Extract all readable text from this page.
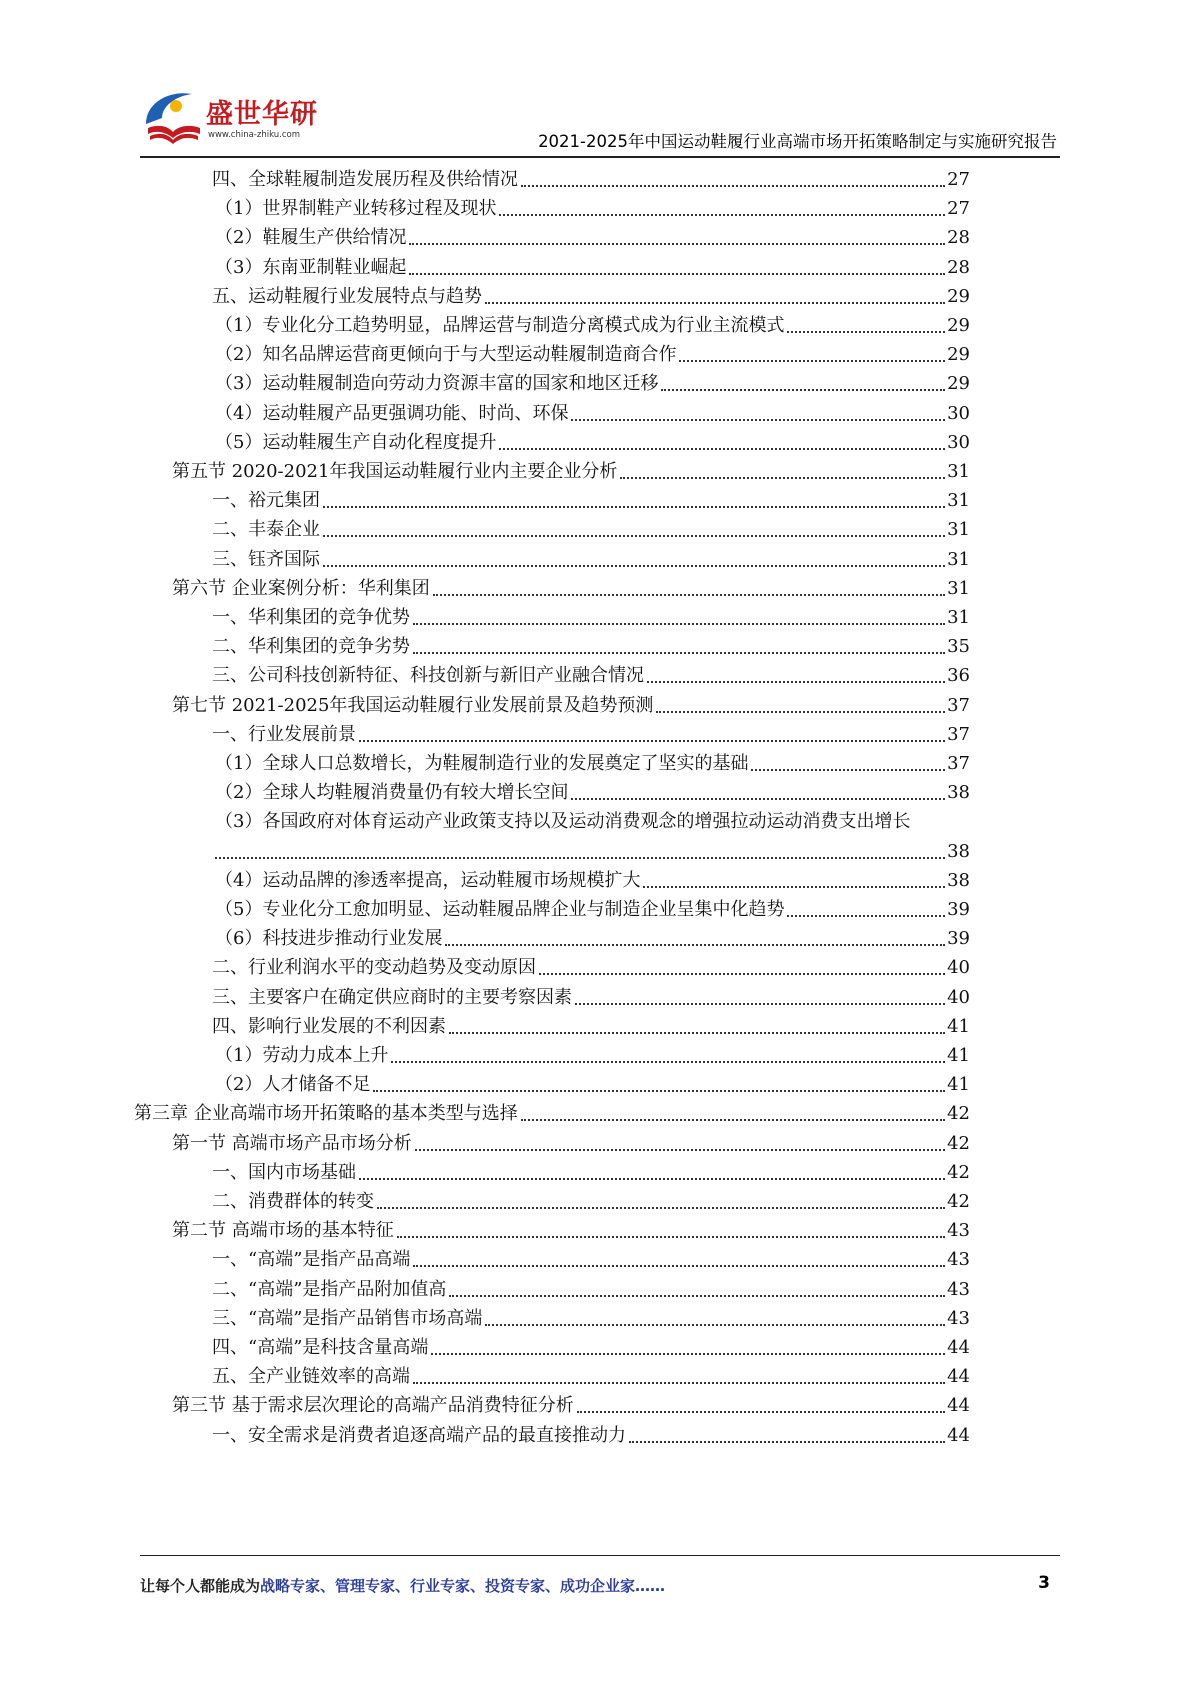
盛世华研
www.china-zhiku.com	2021-2025年中国运动鞋履行业高端市场开拓策略制定与实施研究报告
四、全球鞋履制造发展历程及供给情况	27
（1）世界制鞋产业转移过程及现状	27
（2）鞋履生产供给情况	28
（3）东南亚制鞋业崛起	28
五、运动鞋履行业发展特点与趋势	29
（1）专业化分工趋势明显，品牌运营与制造分离模式成为行业主流模式	29
（2）知名品牌运营商更倾向于与大型运动鞋履制造商合作	29
（3）运动鞋履制造向劳动力资源丰富的国家和地区迁移	29
（4）运动鞋履产品更强调功能、时尚、环保	30
（5）运动鞋履生产自动化程度提升	30
第五节 2020-2021年我国运动鞋履行业内主要企业分析	31
一、裕元集团	31
二、丰泰企业	31
三、钰齐国际	31
第六节 企业案例分析：华利集团	31
一、华利集团的竞争优势	31
二、华利集团的竞争劣势	35
三、公司科技创新特征、科技创新与新旧产业融合情况	36
第七节 2021-2025年我国运动鞋履行业发展前景及趋势预测	37
一、行业发展前景	37
（1）全球人口总数增长，为鞋履制造行业的发展奠定了坚实的基础	37
（2）全球人均鞋履消费量仍有较大增长空间	38
（3）各国政府对体育运动产业政策支持以及运动消费观念的增强拉动运动消费支出增长
38
（4）运动品牌的渗透率提高，运动鞋履市场规模扩大	38
（5）专业化分工愈加明显、运动鞋履品牌企业与制造企业呈集中化趋势	39
（6）科技进步推动行业发展	39
二、行业利润水平的变动趋势及变动原因	40
三、主要客户在确定供应商时的主要考察因素	40
四、影响行业发展的不利因素	41
（1）劳动力成本上升	41
（2）人才储备不足	41
第三章 企业高端市场开拓策略的基本类型与选择	42
第一节 高端市场产品市场分析	42
一、国内市场基础	42
二、消费群体的转变	42
第二节 高端市场的基本特征	43
一、“高端”是指产品高端	43
二、“高端”是指产品附加值高	43
三、“高端”是指产品销售市场高端	43
四、“高端”是科技含量高端	44
五、全产业链效率的高端	44
第三节 基于需求层次理论的高端产品消费特征分析	44
一、安全需求是消费者追逐高端产品的最直接推动力	44
让每个人都能成为战略专家、管理专家、行业专家、投资专家、成功企业家……	3
